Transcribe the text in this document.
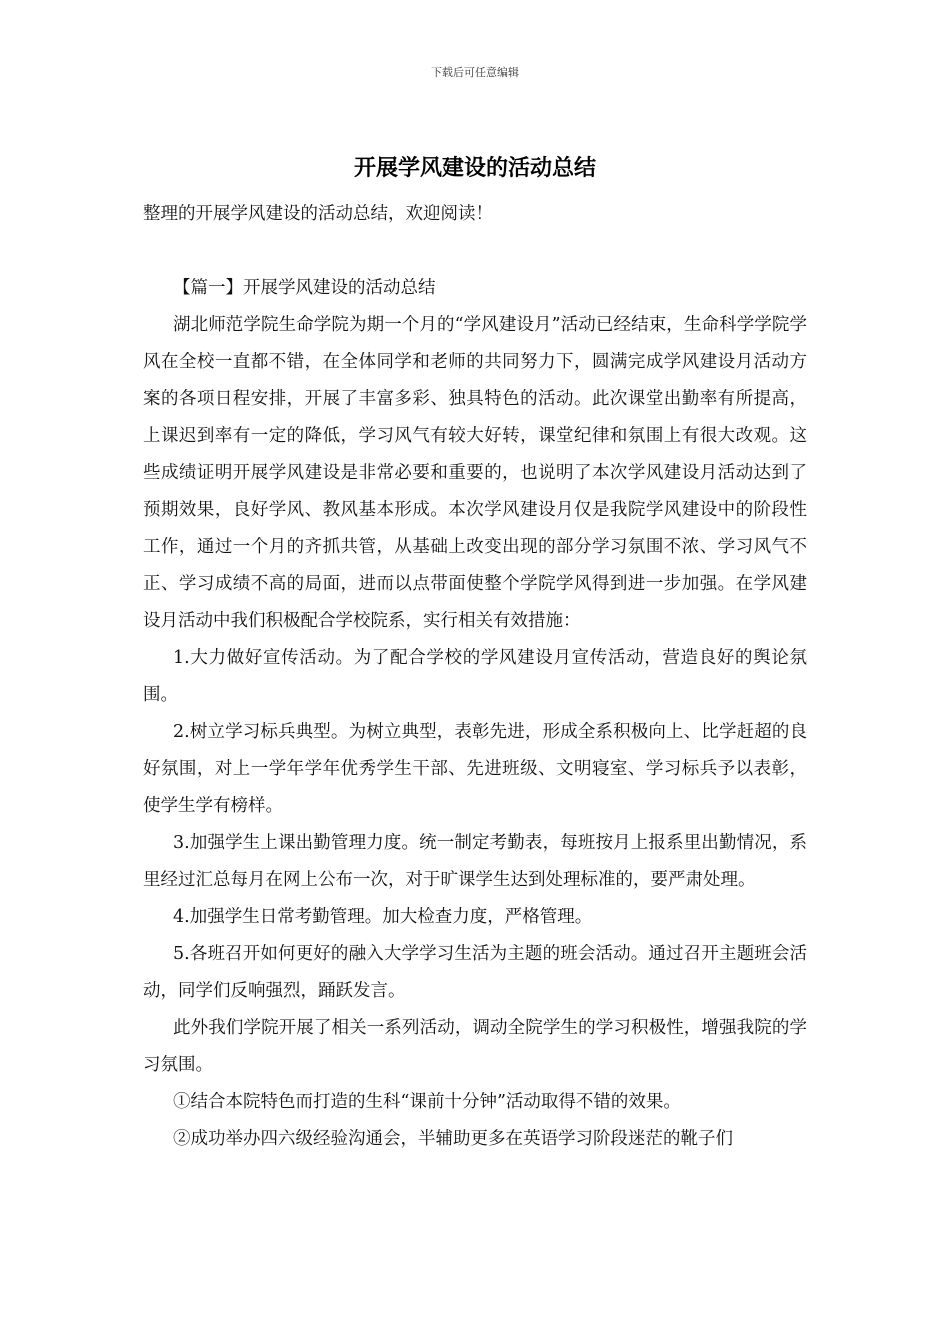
下载后可任意编辑
开展学风建设的活动总结

整理的开展学风建设的活动总结，欢迎阅读！

【篇一】开展学风建设的活动总结

湖北师范学院生命学院为期一个月的“学风建设月”活动已经结束，生命科学学院学风在全校一直都不错，在全体同学和老师的共同努力下，圆满完成学风建设月活动方案的各项日程安排，开展了丰富多彩、独具特色的活动。此次课堂出勤率有所提高，上课迟到率有一定的降低，学习风气有较大好转，课堂纪律和氛围上有很大改观。这些成绩证明开展学风建设是非常必要和重要的，也说明了本次学风建设月活动达到了预期效果，良好学风、教风基本形成。本次学风建设月仅是我院学风建设中的阶段性工作，通过一个月的齐抓共管，从基础上改变出现的部分学习氛围不浓、学习风气不正、学习成绩不高的局面，进而以点带面使整个学院学风得到进一步加强。在学风建设月活动中我们积极配合学校院系，实行相关有效措施：

1.大力做好宣传活动。为了配合学校的学风建设月宣传活动，营造良好的舆论氛围。

2.树立学习标兵典型。为树立典型，表彰先进，形成全系积极向上、比学赶超的良好氛围，对上一学年学年优秀学生干部、先进班级、文明寝室、学习标兵予以表彰，使学生学有榜样。

3.加强学生上课出勤管理力度。统一制定考勤表，每班按月上报系里出勤情况，系里经过汇总每月在网上公布一次，对于旷课学生达到处理标准的，要严肃处理。

4.加强学生日常考勤管理。加大检查力度，严格管理。

5.各班召开如何更好的融入大学学习生活为主题的班会活动。通过召开主题班会活动，同学们反响强烈，踊跃发言。

此外我们学院开展了相关一系列活动，调动全院学生的学习积极性，增强我院的学习氛围。

①结合本院特色而打造的生科“课前十分钟”活动取得不错的效果。

②成功举办四六级经验沟通会，半辅助更多在英语学习阶段迷茫的靴子们
